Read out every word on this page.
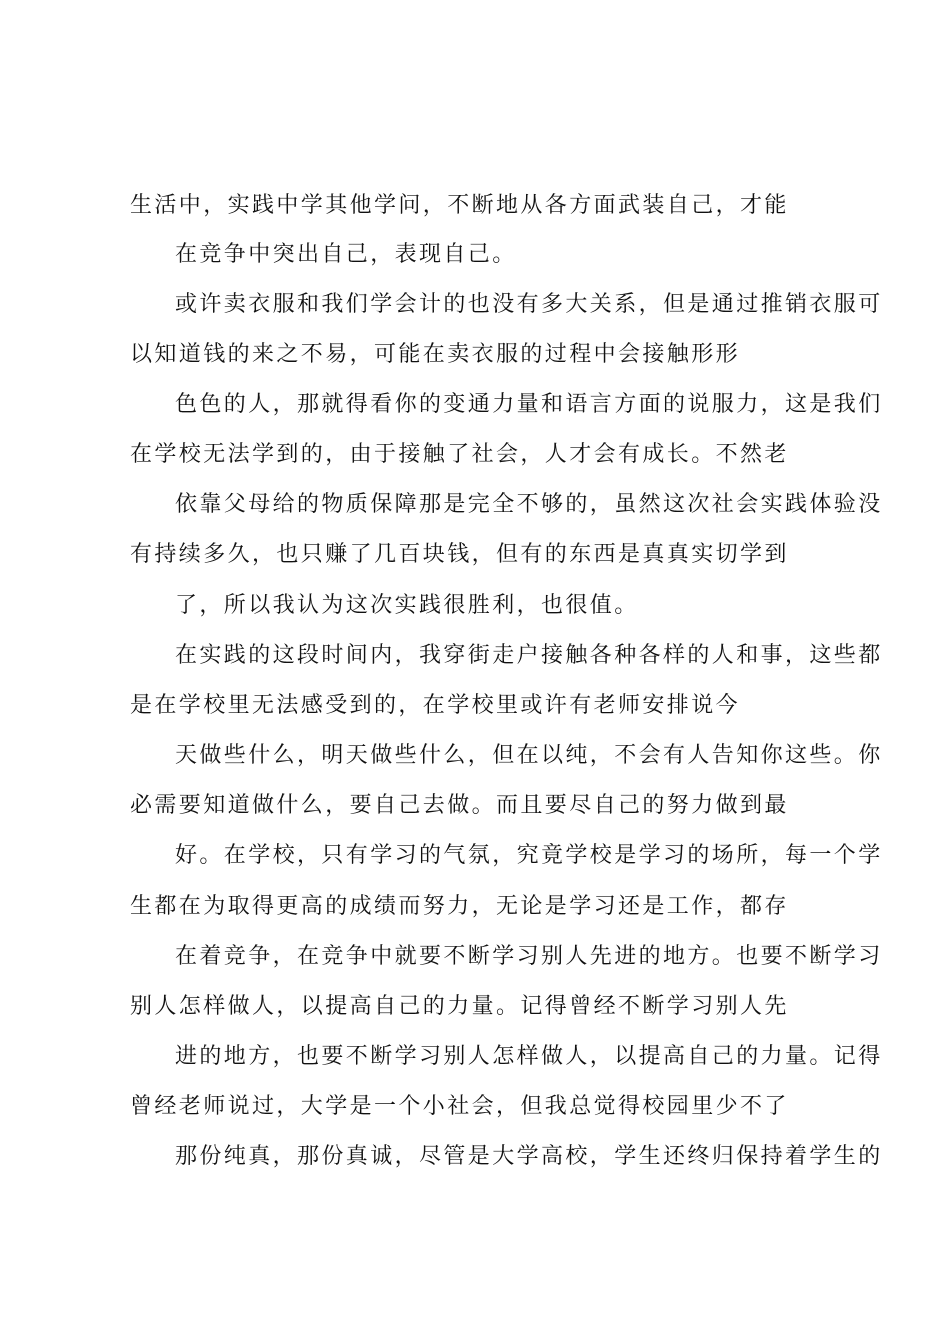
生活中，实践中学其他学问，不断地从各方面武装自己，才能
在竞争中突出自己，表现自己。
或许卖衣服和我们学会计的也没有多大关系，但是通过推销衣服可
以知道钱的来之不易，可能在卖衣服的过程中会接触形形
色色的人，那就得看你的变通力量和语言方面的说服力，这是我们
在学校无法学到的，由于接触了社会，人才会有成长。不然老
依靠父母给的物质保障那是完全不够的，虽然这次社会实践体验没
有持续多久，也只赚了几百块钱，但有的东西是真真实切学到
了，所以我认为这次实践很胜利，也很值。
在实践的这段时间内，我穿街走户接触各种各样的人和事，这些都
是在学校里无法感受到的，在学校里或许有老师安排说今
天做些什么，明天做些什么，但在以纯，不会有人告知你这些。你
必需要知道做什么，要自己去做。而且要尽自己的努力做到最
好。在学校，只有学习的气氛，究竟学校是学习的场所，每一个学
生都在为取得更高的成绩而努力，无论是学习还是工作，都存
在着竞争，在竞争中就要不断学习别人先进的地方。也要不断学习
别人怎样做人，以提高自己的力量。记得曾经不断学习别人先
进的地方，也要不断学习别人怎样做人，以提高自己的力量。记得
曾经老师说过，大学是一个小社会，但我总觉得校园里少不了
那份纯真，那份真诚，尽管是大学高校，学生还终归保持着学生的
